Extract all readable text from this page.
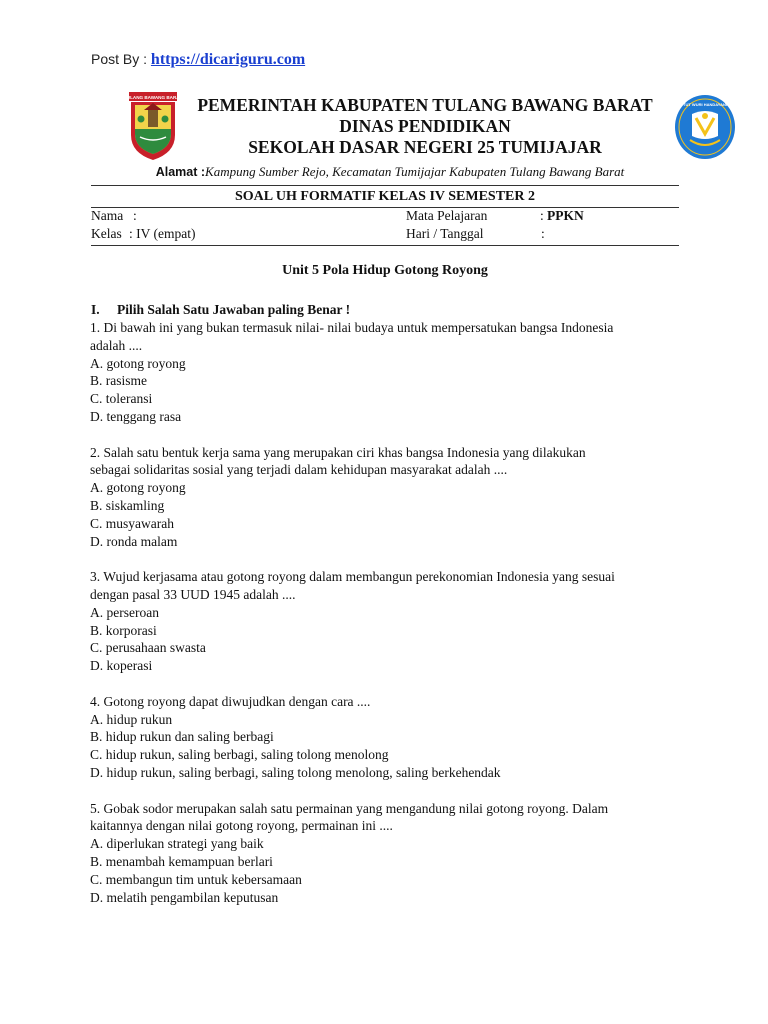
Post By : https://dicariguru.com
TULANG BAWANG BARAT
TUT WURI HANDAYANI
PEMERINTAH KABUPATEN TULANG BAWANG BARAT
DINAS PENDIDIKAN
SEKOLAH DASAR NEGERI 25 TUMIJAJAR
Alamat :Kampung Sumber Rejo, Kecamatan Tumijajar Kabupaten Tulang Bawang Barat
SOAL UH FORMATIF KELAS IV SEMESTER 2
Nama :
Kelas : IV (empat)
Mata Pelajaran	: PPKN
Hari / Tanggal	:
Unit 5 Pola Hidup Gotong Royong
I. Pilih Salah Satu Jawaban paling Benar !

1. Di bawah ini yang bukan termasuk nilai- nilai budaya untuk mempersatukan bangsa Indonesia

adalah ....

A. gotong royong

B. rasisme

C. toleransi

D. tenggang rasa

2. Salah satu bentuk kerja sama yang merupakan ciri khas bangsa Indonesia yang dilakukan

sebagai solidaritas sosial yang terjadi dalam kehidupan masyarakat adalah ....

A. gotong royong

B. siskamling

C. musyawarah

D. ronda malam

3. Wujud kerjasama atau gotong royong dalam membangun perekonomian Indonesia yang sesuai

dengan pasal 33 UUD 1945 adalah ....

A. perseroan

B. korporasi

C. perusahaan swasta

D. koperasi

4. Gotong royong dapat diwujudkan dengan cara ....

A. hidup rukun

B. hidup rukun dan saling berbagi

C. hidup rukun, saling berbagi, saling tolong menolong

D. hidup rukun, saling berbagi, saling tolong menolong, saling berkehendak

5. Gobak sodor merupakan salah satu permainan yang mengandung nilai gotong royong. Dalam

kaitannya dengan nilai gotong royong, permainan ini ....

A. diperlukan strategi yang baik

B. menambah kemampuan berlari

C. membangun tim untuk kebersamaan

D. melatih pengambilan keputusan
